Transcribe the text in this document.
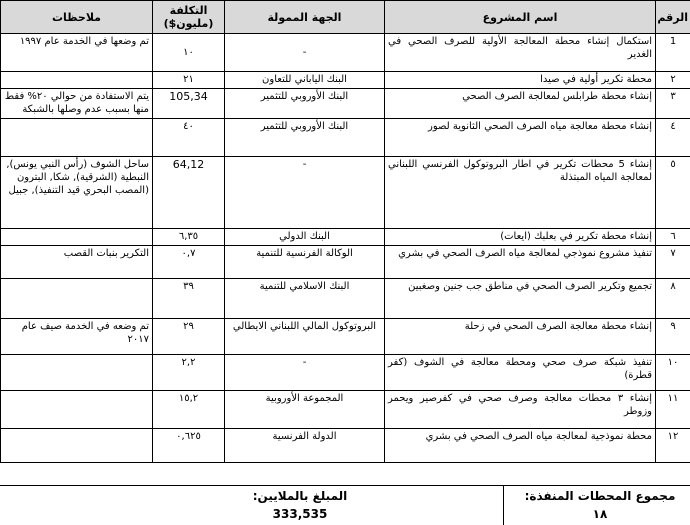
الرقم	اسم المشروع	الجهة الممولة	التكلفة (مليون$)	ملاحظات
1	استكمال إنشاء محطة المعالجة الأولية للصرف الصحي في الغدير	-	١٠	تم وضعها في الخدمة عام ١٩٩٧
٢	محطة تكرير أولية في صيدا	البنك الياباني للتعاون	٢١	
٣	إنشاء محطة طرابلس لمعالجة الصرف الصحي	البنك الأوروبي للتثمير	105,34	يتم الاستفادة من حوالي ٢٠% فقط منها بسبب عدم وصلها بالشبكة
٤	إنشاء محطة معالجة مياه الصرف الصحي الثانوية لصور	البنك الأوروبي للتثمير	٤٠	
٥	إنشاء 5 محطات تكرير في اطار البروتوكول الفرنسي اللبناني لمعالجة المياه المبتذلة	-	64,12	ساحل الشوف (رأس النبي يونس), النبطية (الشرقية), شكا, البترون (المصب البحري قيد التنفيذ), جبيل
٦	إنشاء محطة تكرير في بعلبك (ايعات)	البنك الدولي	٦,٣٥	
٧	تنفيذ مشروع نموذجي لمعالجة مياه الصرف الصحي في بشري	الوكالة الفرنسية للتنمية	٠,٧	التكرير بنبات القصب
٨	تجميع وتكرير الصرف الصحي في مناطق جب جنين وصغبين	البنك الاسلامي للتنمية	٣٩	
٩	إنشاء محطة معالجة الصرف الصحي في زحلة	البروتوكول المالي اللبناني الايطالي	٢٩	تم وضعه في الخدمة صيف عام ٢٠١٧
١٠	تنفيذ شبكة صرف صحي ومحطة معالجة في الشوف (كفر قطرة)	-	٢,٢	
١١	إنشاء ٣ محطات معالجة وصرف صحي في كفرصير ويحمر وزوطر	المجموعة الأوروبية	١٥,٢	
١٢	محطة نموذجية لمعالجة مياه الصرف الصحي في بشري	الدولة الفرنسية	٠,٦٢٥	
مجموع المحطات المنفذة:
١٨
المبلغ بالملايين:
333,535
